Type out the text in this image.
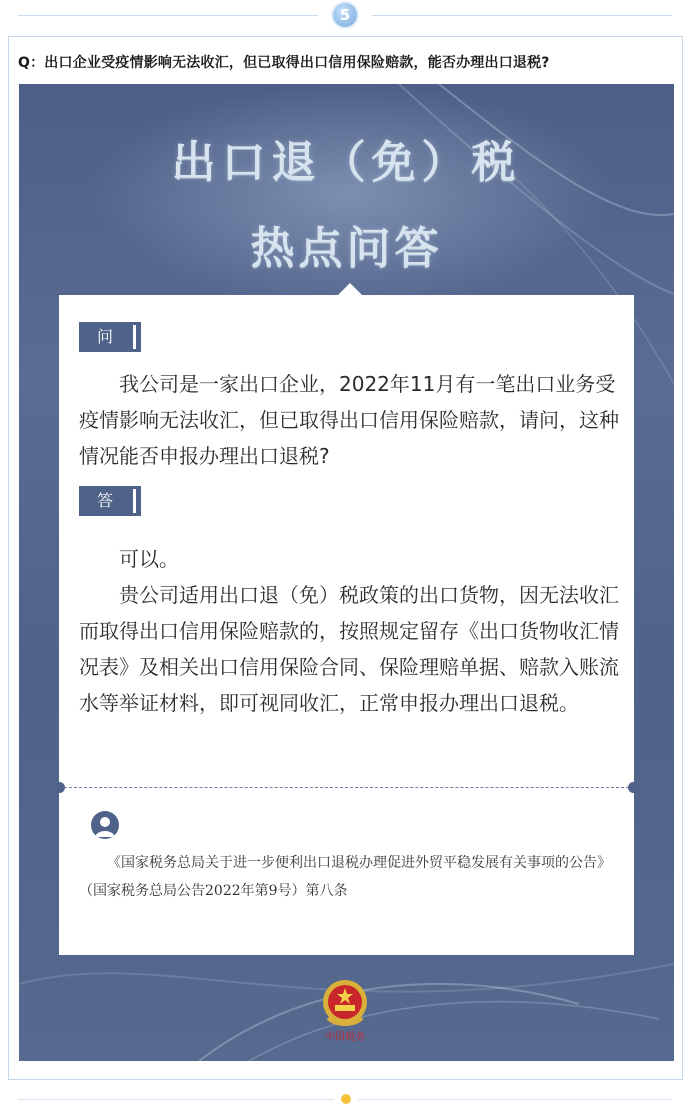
5
Q：出口企业受疫情影响无法收汇，但已取得出口信用保险赔款，能否办理出口退税?
出口退（免）税
热点问答
问
我公司是一家出口企业，2022年11月有一笔出口业务受疫情影响无法收汇，但已取得出口信用保险赔款，请问，这种情况能否申报办理出口退税?
答

可以。

贵公司适用出口退（免）税政策的出口货物，因无法收汇而取得出口信用保险赔款的，按照规定留存《出口货物收汇情况表》及相关出口信用保险合同、保险理赔单据、赔款入账流水等举证材料，即可视同收汇，正常申报办理出口退税。

《国家税务总局关于进一步便利出口退税办理促进外贸平稳发展有关事项的公告》（国家税务总局公告2022年第9号）第八条
中国税务
